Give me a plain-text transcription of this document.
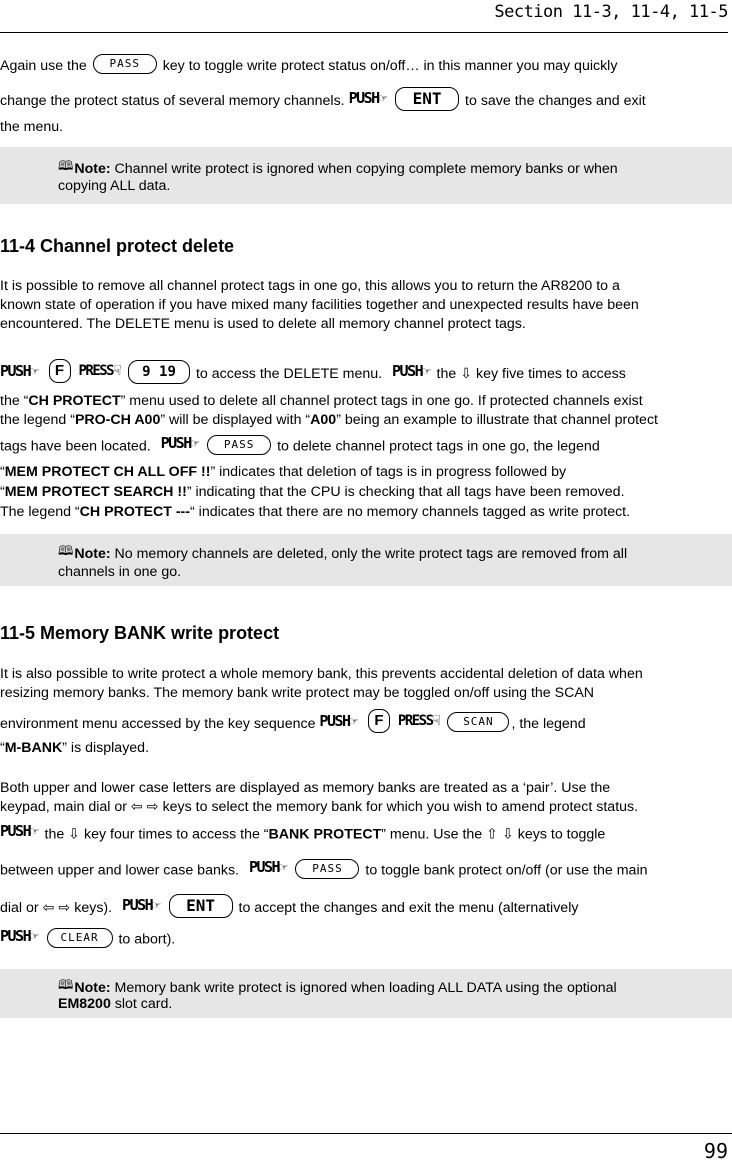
Section 11-3, 11-4, 11-5
Again use the PASS key to toggle write protect status on/off… in this manner you may quickly
change the protect status of several memory channels. PUSH☞ ENT to save the changes and exit
the menu.
🕮Note: Channel write protect is ignored when copying complete memory banks or when
copying ALL data.
11-4 Channel protect delete
It is possible to remove all channel protect tags in one go, this allows you to return the AR8200 to a
known state of operation if you have mixed many facilities together and unexpected results have been
encountered. The DELETE menu is used to delete all memory channel protect tags.
PUSH☞ F PRESS☟ 9 19 to access the DELETE menu. PUSH☞ the ⇩ key five times to access
the “CH PROTECT” menu used to delete all channel protect tags in one go. If protected channels exist
the legend “PRO-CH A00” will be displayed with “A00” being an example to illustrate that channel protect
tags have been located. PUSH☞ PASS to delete channel protect tags in one go, the legend
“MEM PROTECT CH ALL OFF !!” indicates that deletion of tags is in progress followed by
“MEM PROTECT SEARCH !!” indicating that the CPU is checking that all tags have been removed.
The legend “CH PROTECT ---“ indicates that there are no memory channels tagged as write protect.
🕮Note: No memory channels are deleted, only the write protect tags are removed from all
channels in one go.
11-5 Memory BANK write protect
It is also possible to write protect a whole memory bank, this prevents accidental deletion of data when
resizing memory banks. The memory bank write protect may be toggled on/off using the SCAN
environment menu accessed by the key sequence PUSH☞ F PRESS☟ SCAN , the legend
“M-BANK” is displayed.
Both upper and lower case letters are displayed as memory banks are treated as a ‘pair’. Use the
keypad, main dial or ⇦ ⇨ keys to select the memory bank for which you wish to amend protect status.
PUSH☞ the ⇩ key four times to access the “BANK PROTECT” menu. Use the ⇧ ⇩ keys to toggle
between upper and lower case banks. PUSH☞ PASS to toggle bank protect on/off (or use the main
dial or ⇦ ⇨ keys). PUSH☞ ENT to accept the changes and exit the menu (alternatively
PUSH☞ CLEAR to abort).
🕮Note: Memory bank write protect is ignored when loading ALL DATA using the optional
EM8200 slot card.
99
